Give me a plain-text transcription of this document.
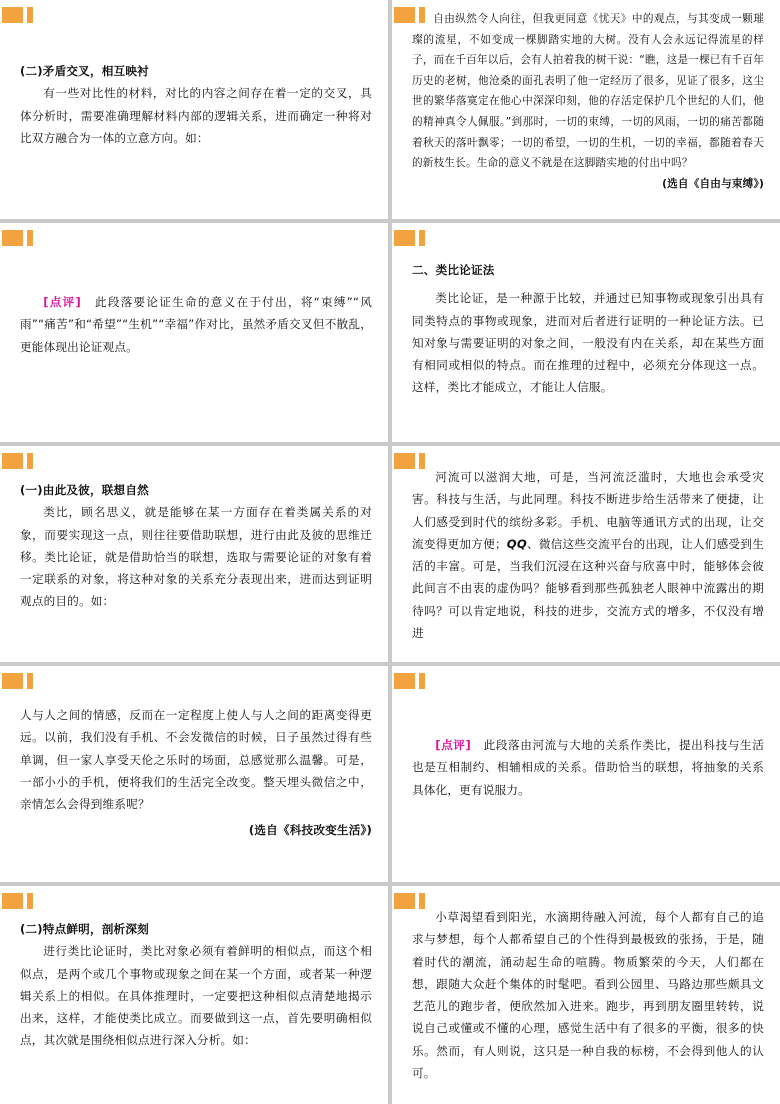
(二)矛盾交叉，相互映衬

有一些对比性的材料，对比的内容之间存在着一定的交叉，具体分析时，需要准确理解材料内部的逻辑关系，进而确定一种将对比双方融合为一体的立意方向。如：

自由纵然令人向往，但我更同意《忧天》中的观点，与其变成一颗璀璨的流星，不如变成一棵脚踏实地的大树。没有人会永远记得流星的样子，而在千百年以后，会有人拍着我的树干说：“瞧，这是一棵已有千百年历史的老树，他沧桑的面孔表明了他一定经历了很多，见证了很多，这尘世的繁华落寞定在他心中深深印刻，他的存活定保护几个世纪的人们，他的精神真令人佩服。”到那时，一切的束缚，一切的风雨，一切的痛苦都随着秋天的落叶飘零；一切的希望，一切的生机，一切的幸福，都随着春天的新枝生长。生命的意义不就是在这脚踏实地的付出中吗？

(选自《自由与束缚》)

[点评]　 此段落要论证生命的意义在于付出，将“束缚”“风雨”“痛苦”和“希望”“生机”“幸福”作对比，虽然矛盾交叉但不散乱，更能体现出论证观点。

二、类比论证法

类比论证，是一种源于比较，并通过已知事物或现象引出具有同类特点的事物或现象，进而对后者进行证明的一种论证方法。已知对象与需要证明的对象之间，一般没有内在关系，却在某些方面有相同或相似的特点。而在推理的过程中，必须充分体现这一点。这样，类比才能成立，才能让人信服。

(一)由此及彼，联想自然

类比，顾名思义，就是能够在某一方面存在着类属关系的对象，而要实现这一点，则往往要借助联想，进行由此及彼的思维迁移。类比论证，就是借助恰当的联想，选取与需要论证的对象有着一定联系的对象，将这种对象的关系充分表现出来，进而达到证明观点的目的。如：

河流可以滋润大地，可是，当河流泛滥时，大地也会承受灾害。科技与生活，与此同理。科技不断进步给生活带来了便捷，让人们感受到时代的缤纷多彩。手机、电脑等通讯方式的出现，让交流变得更加方便；QQ、微信这些交流平台的出现，让人们感受到生活的丰富。可是，当我们沉浸在这种兴奋与欣喜中时，能够体会彼此间言不由衷的虚伪吗？能够看到那些孤独老人眼神中流露出的期待吗？可以肯定地说，科技的进步，交流方式的增多，不仅没有增进

人与人之间的情感，反而在一定程度上使人与人之间的距离变得更远。以前，我们没有手机、不会发微信的时候，日子虽然过得有些单调，但一家人享受天伦之乐时的场面，总感觉那么温馨。可是，一部小小的手机，便将我们的生活完全改变。整天埋头微信之中，亲情怎么会得到维系呢？

(选自《科技改变生活》)

[点评]　 此段落由河流与大地的关系作类比，提出科技与生活也是互相制约、相辅相成的关系。借助恰当的联想，将抽象的关系具体化，更有说服力。

(二)特点鲜明，剖析深刻

进行类比论证时，类比对象必须有着鲜明的相似点，而这个相似点，是两个或几个事物或现象之间在某一个方面，或者某一种逻辑关系上的相似。在具体推理时，一定要把这种相似点清楚地揭示出来，这样，才能使类比成立。而要做到这一点，首先要明确相似点，其次就是围绕相似点进行深入分析。如：

小草渴望看到阳光，水滴期待融入河流，每个人都有自己的追求与梦想，每个人都希望自己的个性得到最极致的张扬，于是，随着时代的潮流，涌动起生命的喧腾。物质繁荣的今天，人们都在想，跟随大众赶个集体的时髦吧。看到公园里、马路边那些颇具文艺范儿的跑步者，便欣然加入进来。跑步，再到朋友圈里转转，说说自己或懂或不懂的心理，感觉生活中有了很多的平衡，很多的快乐。然而，有人则说，这只是一种自我的标榜，不会得到他人的认可。
